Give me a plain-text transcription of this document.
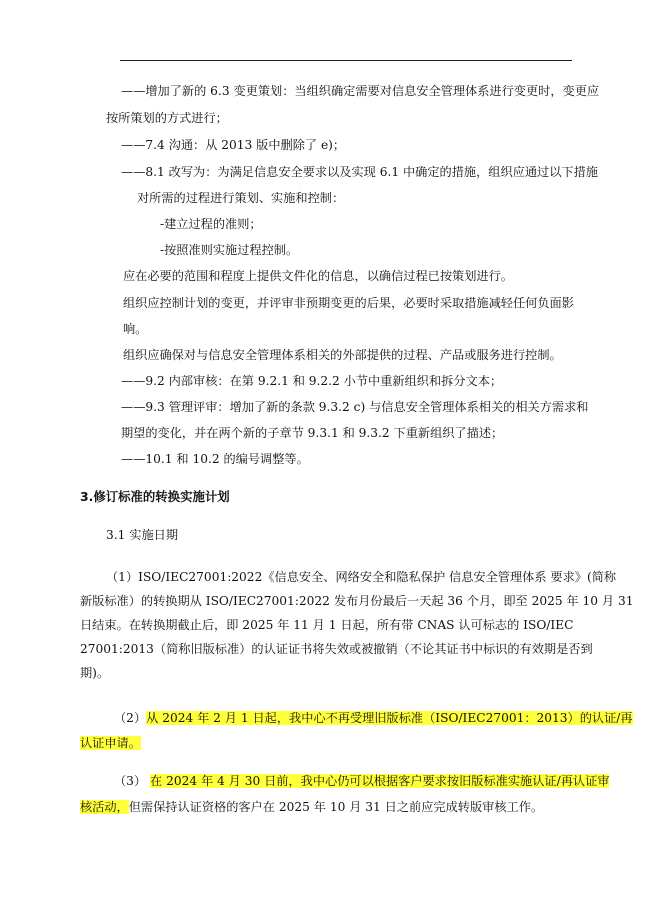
——增加了新的 6.3 变更策划：当组织确定需要对信息安全管理体系进行变更时，变更应
按所策划的方式进行；
——7.4 沟通：从 2013 版中删除了 e)；
——8.1 改写为：为满足信息安全要求以及实现 6.1 中确定的措施，组织应通过以下措施
对所需的过程进行策划、实施和控制：
-建立过程的准则；
-按照准则实施过程控制。
应在必要的范围和程度上提供文件化的信息，以确信过程已按策划进行。
组织应控制计划的变更，并评审非预期变更的后果，必要时采取措施减轻任何负面影
响。
组织应确保对与信息安全管理体系相关的外部提供的过程、产品或服务进行控制。
——9.2 内部审核：在第 9.2.1 和 9.2.2 小节中重新组织和拆分文本；
——9.3 管理评审：增加了新的条款 9.3.2 c) 与信息安全管理体系相关的相关方需求和
期望的变化，并在两个新的子章节 9.3.1 和 9.3.2 下重新组织了描述；
——10.1 和 10.2 的编号调整等。
3.修订标准的转换实施计划
3.1 实施日期
（1）ISO/IEC27001:2022《信息安全、网络安全和隐私保护 信息安全管理体系 要求》(简称
新版标准）的转换期从 ISO/IEC27001:2022 发布月份最后一天起 36 个月，即至 2025 年 10 月 31
日结束。在转换期截止后，即 2025 年 11 月 1 日起，所有带 CNAS 认可标志的 ISO/IEC
27001:2013（简称旧版标准）的认证证书将失效或被撤销（不论其证书中标识的有效期是否到
期)。
（2）从 2024 年 2 月 1 日起，我中心不再受理旧版标准（ISO/IEC27001：2013）的认证/再
认证申请。
（3） 在 2024 年 4 月 30 日前，我中心仍可以根据客户要求按旧版标准实施认证/再认证审
核活动，但需保持认证资格的客户在 2025 年 10 月 31 日之前应完成转版审核工作。
